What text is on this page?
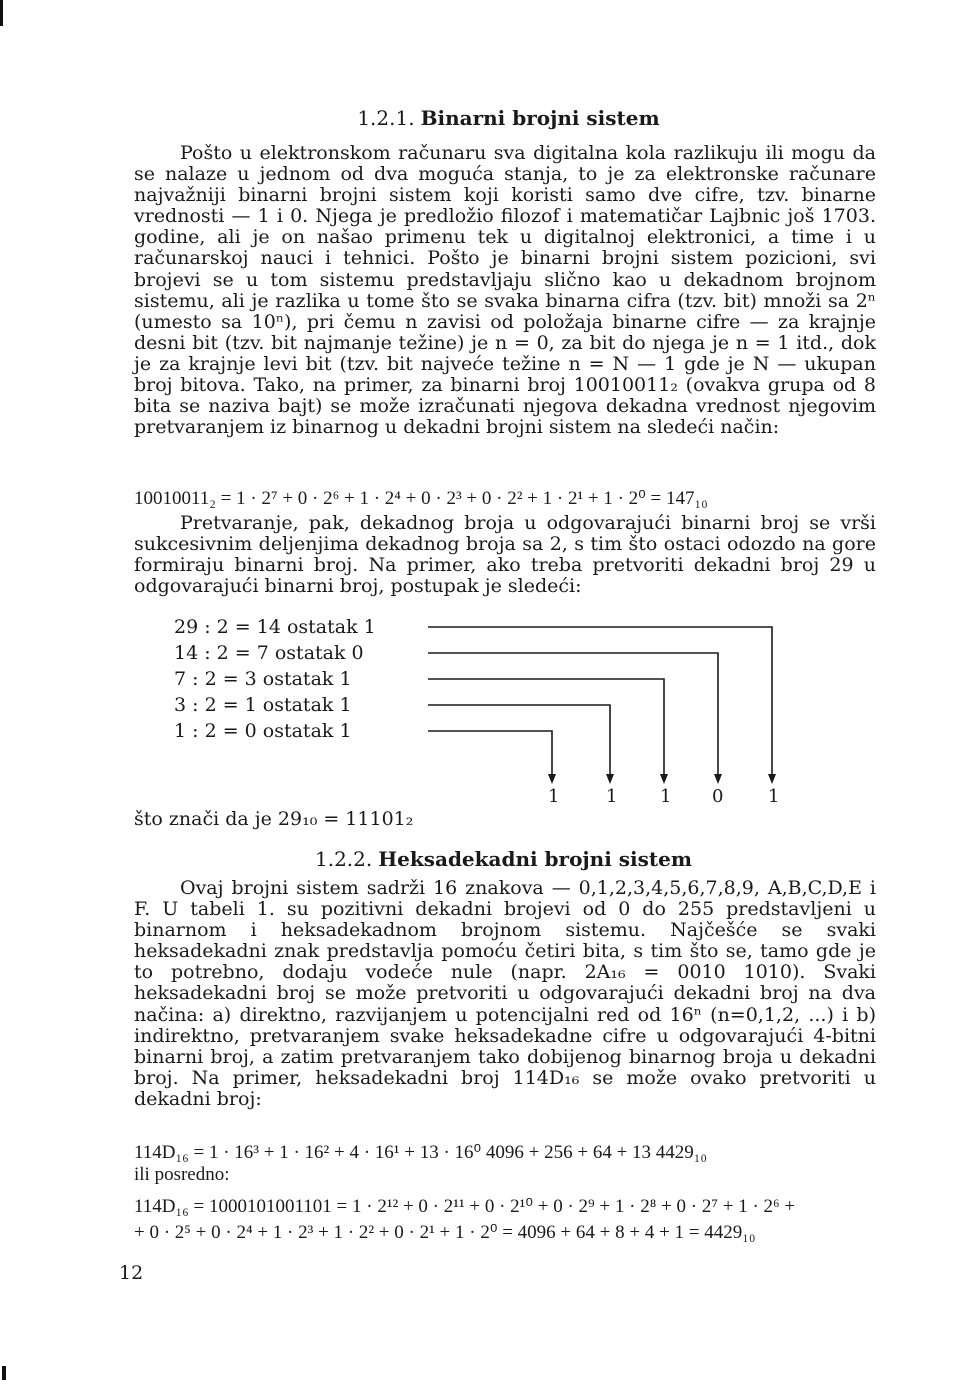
1.2.1. Binarni brojni sistem

Pošto u elektronskom računaru sva digitalna kola razlikuju ili mogu da se nalaze u jednom od dva moguća stanja, to je za elektronske računare najvažniji binarni brojni sistem koji koristi samo dve cifre, tzv. binarne vrednosti — 1 i 0. Njega je predložio filozof i matematičar Lajbnic još 1703. godine, ali je on našao primenu tek u digitalnoj elektronici, a time i u računarskoj nauci i tehnici. Pošto je binarni brojni sistem pozicioni, svi brojevi se u tom sistemu predstavljaju slično kao u dekadnom brojnom sistemu, ali je razlika u tome što se svaka binarna cifra (tzv. bit) množi sa 2ⁿ (umesto sa 10ⁿ), pri čemu n zavisi od položaja binarne cifre — za krajnje desni bit (tzv. bit najmanje težine) je n = 0, za bit do njega je n = 1 itd., dok je za krajnje levi bit (tzv. bit najveće težine n = N — 1 gde je N — ukupan broj bitova. Tako, na primer, za binarni broj 10010011₂ (ovakva grupa od 8 bita se naziva bajt) se može izračunati njegova dekadna vrednost njegovim pretvaranjem iz binarnog u dekadni brojni sistem na sledeći način:

10010011₂ = 1 · 2⁷ + 0 · 2⁶ + 1 · 2⁴ + 0 · 2³ + 0 · 2² + 1 · 2¹ + 1 · 2⁰ = 147₁₀

Pretvaranje, pak, dekadnog broja u odgovarajući binarni broj se vrši sukcesivnim deljenjima dekadnog broja sa 2, s tim što ostaci odozdo na gore formiraju binarni broj. Na primer, ako treba pretvoriti dekadni broj 29 u odgovarajući binarni broj, postupak je sledeći:

29 : 2 = 14 ostatak 1
14 : 2 = 7 ostatak 0
7 : 2 = 3 ostatak 1
3 : 2 = 1 ostatak 1
1 : 2 = 0 ostatak 1
1	1 1 0 1
što znači da je 29₁₀ = 11101₂
1.2.2. Heksadekadni brojni sistem

Ovaj brojni sistem sadrži 16 znakova — 0,1,2,3,4,5,6,7,8,9, A,B,C,D,E i F. U tabeli 1. su pozitivni dekadni brojevi od 0 do 255 predstavljeni u binarnom i heksadekadnom brojnom sistemu. Najčešće se svaki heksadekadni znak predstavlja pomoću četiri bita, s tim što se, tamo gde je to potrebno, dodaju vodeće nule (napr. 2A₁₆ = 0010 1010). Svaki heksadekadni broj se može pretvoriti u odgovarajući dekadni broj na dva načina: a) direktno, razvijanjem u potencijalni red od 16ⁿ (n=0,1,2, ...) i b) indirektno, pretvaranjem svake heksadekadne cifre u odgovarajući 4-bitni binarni broj, a zatim pretvaranjem tako dobijenog binarnog broja u dekadni broj. Na primer, heksadekadni broj 114D₁₆ se može ovako pretvoriti u dekadni broj:

114D₁₆ = 1 · 16³ + 1 · 16² + 4 · 16¹ + 13 · 16⁰ 4096 + 256 + 64 + 13 4429₁₀
ili posredno:
114D₁₆ = 1000101001101 = 1 · 2¹² + 0 · 2¹¹ + 0 · 2¹⁰ + 0 · 2⁹ + 1 · 2⁸ + 0 · 2⁷ + 1 · 2⁶ +
+ 0 · 2⁵ + 0 · 2⁴ + 1 · 2³ + 1 · 2² + 0 · 2¹ + 1 · 2⁰ = 4096 + 64 + 8 + 4 + 1 = 4429₁₀
12
